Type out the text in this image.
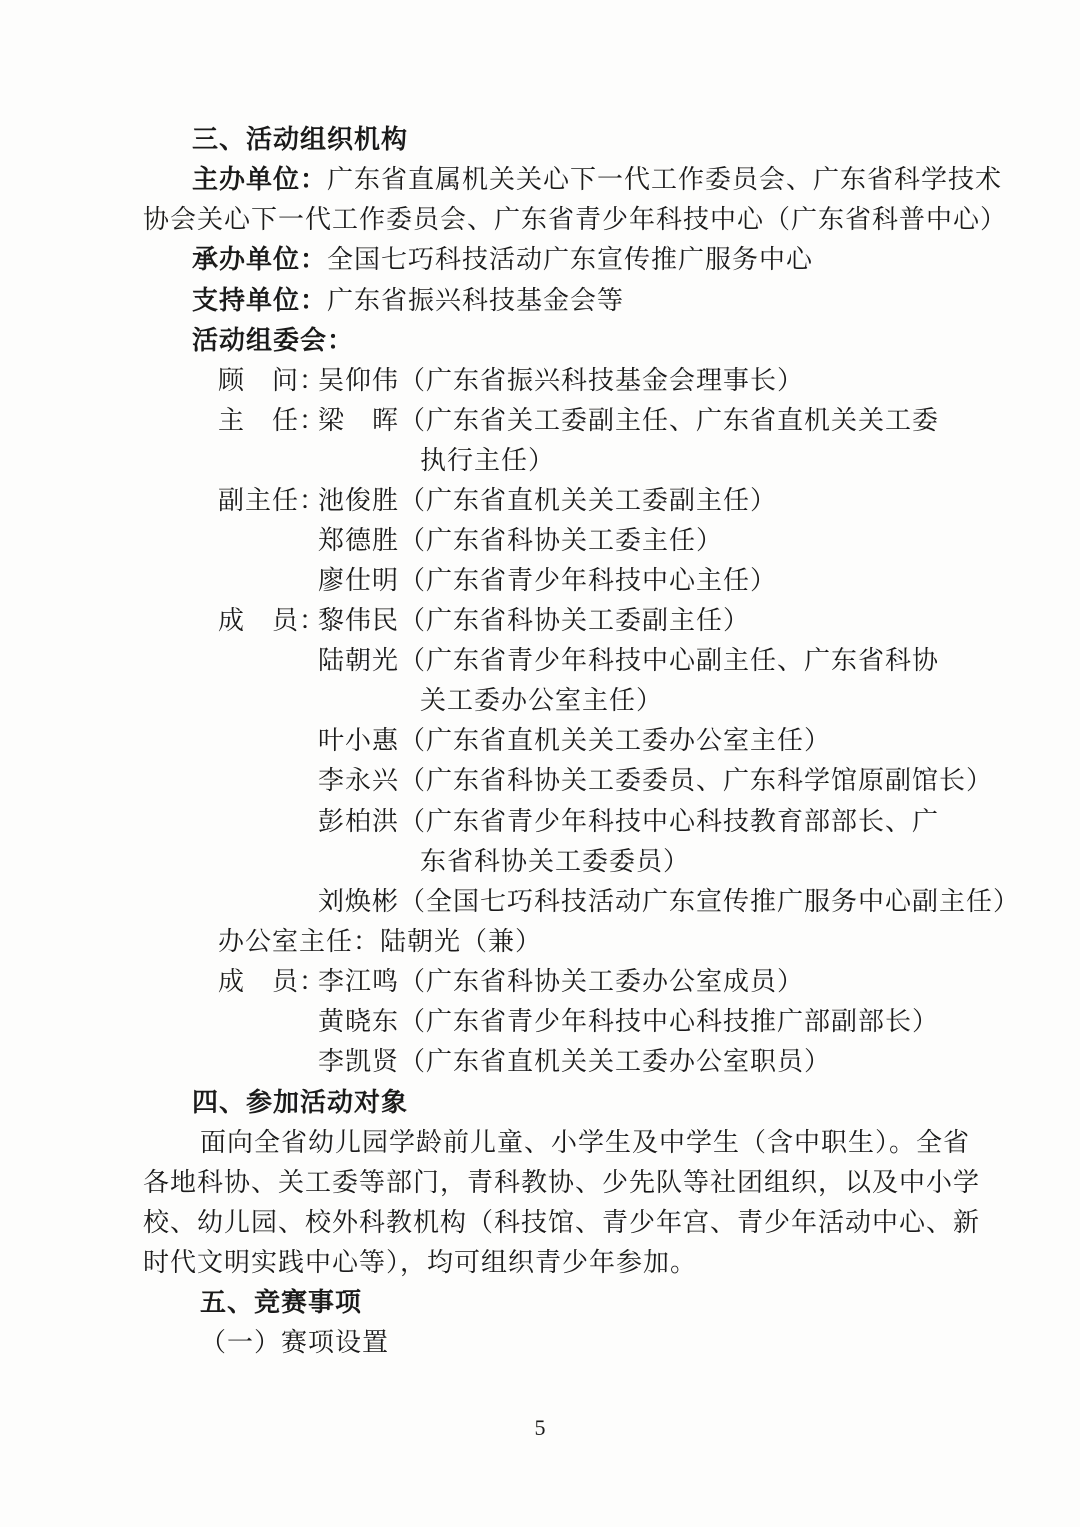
三、活动组织机构
主办单位：广东省直属机关关心下一代工作委员会、广东省科学技术
协会关心下一代工作委员会、广东省青少年科技中心（广东省科普中心）
承办单位：全国七巧科技活动广东宣传推广服务中心
支持单位：广东省振兴科技基金会等
活动组委会：
顾　问：
吴仰伟（广东省振兴科技基金会理事长）
主　任：
梁　晖（广东省关工委副主任、广东省直机关关工委
执行主任）
副主任：
池俊胜（广东省直机关关工委副主任）
郑德胜（广东省科协关工委主任）
廖仕明（广东省青少年科技中心主任）
成　员：
黎伟民（广东省科协关工委副主任）
陆朝光（广东省青少年科技中心副主任、广东省科协
关工委办公室主任）
叶小惠（广东省直机关关工委办公室主任）
李永兴（广东省科协关工委委员、广东科学馆原副馆长）
彭柏洪（广东省青少年科技中心科技教育部部长、广
东省科协关工委委员）
刘焕彬（全国七巧科技活动广东宣传推广服务中心副主任）
办公室主任：陆朝光（兼）
成　员：
李江鸣（广东省科协关工委办公室成员）
黄晓东（广东省青少年科技中心科技推广部副部长）
李凯贤（广东省直机关关工委办公室职员）
四、参加活动对象
面向全省幼儿园学龄前儿童、小学生及中学生（含中职生）。全省
各地科协、关工委等部门，青科教协、少先队等社团组织，以及中小学
校、幼儿园、校外科教机构（科技馆、青少年宫、青少年活动中心、新
时代文明实践中心等），均可组织青少年参加。
五、竞赛事项
（一）赛项设置
5
